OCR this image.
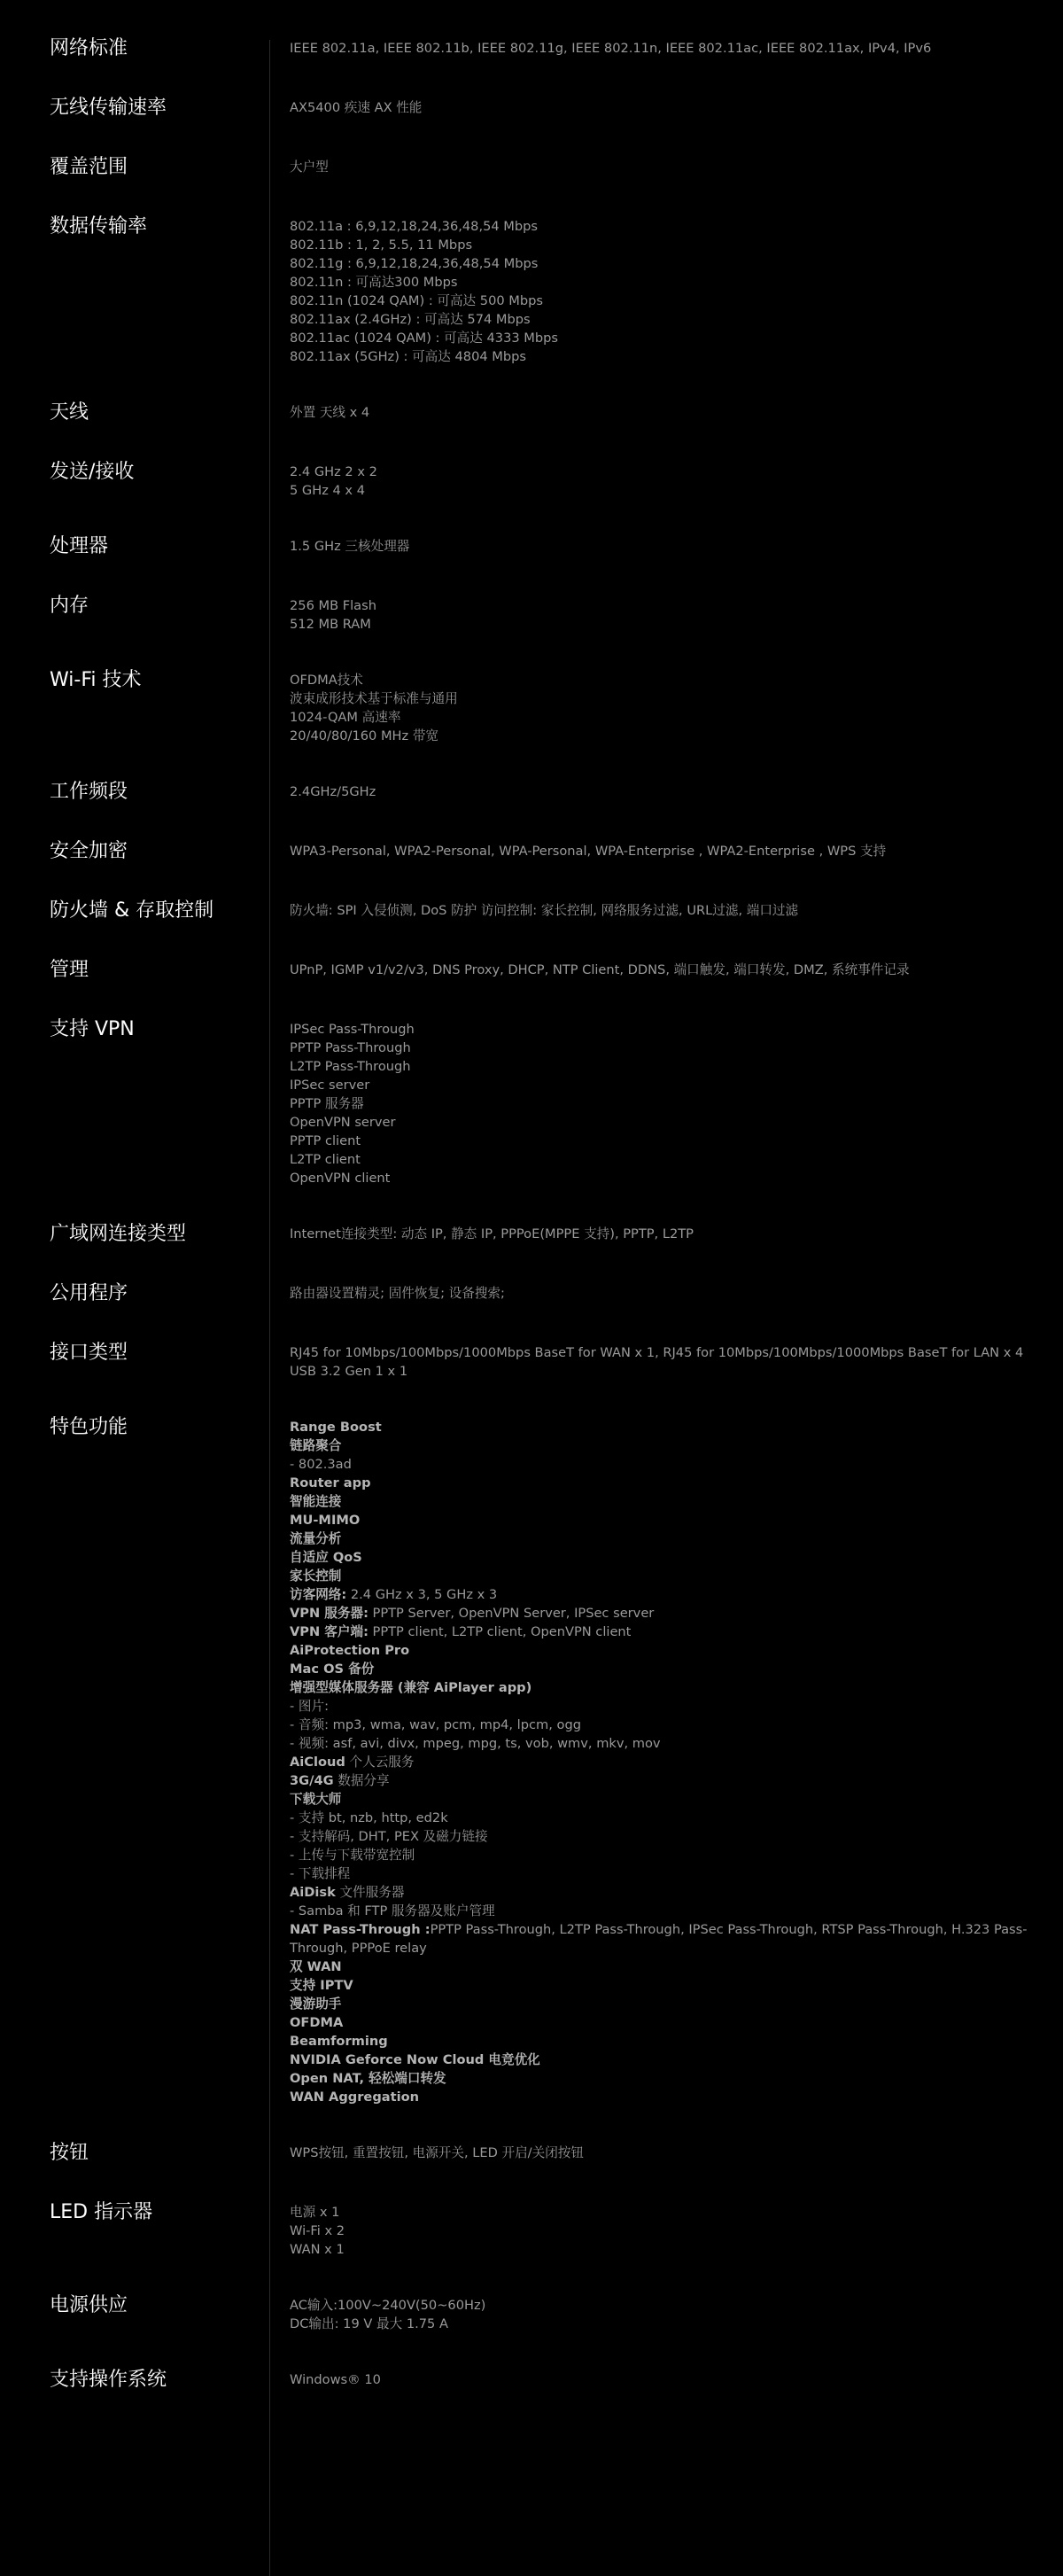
网络标准	IEEE 802.11a, IEEE 802.11b, IEEE 802.11g, IEEE 802.11n, IEEE 802.11ac, IEEE 802.11ax, IPv4, IPv6
无线传输速率	AX5400 疾速 AX 性能
覆盖范围	大户型
数据传输率	802.11a : 6,9,12,18,24,36,48,54 Mbps
802.11b : 1, 2, 5.5, 11 Mbps
802.11g : 6,9,12,18,24,36,48,54 Mbps
802.11n : 可高达300 Mbps
802.11n (1024 QAM) : 可高达 500 Mbps
802.11ax (2.4GHz) : 可高达 574 Mbps
802.11ac (1024 QAM) : 可高达 4333 Mbps
802.11ax (5GHz) : 可高达 4804 Mbps
天线	外置 天线 x 4
发送/接收	2.4 GHz 2 x 2
5 GHz 4 x 4
处理器	1.5 GHz 三核处理器
内存	256 MB Flash
512 MB RAM
Wi-Fi 技术	OFDMA技术
波束成形技术基于标准与通用
1024-QAM 高速率
20/40/80/160 MHz 带宽
工作频段	2.4GHz/5GHz
安全加密	WPA3-Personal, WPA2-Personal, WPA-Personal, WPA-Enterprise , WPA2-Enterprise , WPS 支持
防火墙 & 存取控制	防火墙: SPI 入侵侦测, DoS 防护 访问控制: 家长控制, 网络服务过滤, URL过滤, 端口过滤
管理	UPnP, IGMP v1/v2/v3, DNS Proxy, DHCP, NTP Client, DDNS, 端口触发, 端口转发, DMZ, 系统事件记录
支持 VPN	IPSec Pass-Through
PPTP Pass-Through
L2TP Pass-Through
IPSec server
PPTP 服务器
OpenVPN server
PPTP client
L2TP client
OpenVPN client
广域网连接类型	Internet连接类型: 动态 IP, 静态 IP, PPPoE(MPPE 支持), PPTP, L2TP
公用程序	路由器设置精灵; 固件恢复; 设备搜索;
接口类型	RJ45 for 10Mbps/100Mbps/1000Mbps BaseT for WAN x 1, RJ45 for 10Mbps/100Mbps/1000Mbps BaseT for LAN x 4
USB 3.2 Gen 1 x 1
特色功能	Range Boost
链路聚合
- 802.3ad
Router app
智能连接
MU-MIMO
流量分析
自适应 QoS
家长控制
访客网络: 2.4 GHz x 3, 5 GHz x 3
VPN 服务器: PPTP Server, OpenVPN Server, IPSec server
VPN 客户端: PPTP client, L2TP client, OpenVPN client
AiProtection Pro
Mac OS 备份
增强型媒体服务器 (兼容 AiPlayer app)
- 图片:
- 音频: mp3, wma, wav, pcm, mp4, lpcm, ogg
- 视频: asf, avi, divx, mpeg, mpg, ts, vob, wmv, mkv, mov
AiCloud 个人云服务
3G/4G 数据分享
下载大师
- 支持 bt, nzb, http, ed2k
- 支持解码, DHT, PEX 及磁力链接
- 上传与下载带宽控制
- 下载排程
AiDisk 文件服务器
- Samba 和 FTP 服务器及账户管理
NAT Pass-Through :PPTP Pass-Through, L2TP Pass-Through, IPSec Pass-Through, RTSP Pass-Through, H.323 Pass-Through, PPPoE relay
双 WAN
支持 IPTV
漫游助手
OFDMA
Beamforming
NVIDIA Geforce Now Cloud 电竞优化
Open NAT, 轻松端口转发
WAN Aggregation
按钮	WPS按钮, 重置按钮, 电源开关, LED 开启/关闭按钮
LED 指示器	电源 x 1
Wi-Fi x 2
WAN x 1
电源供应	AC输入:100V~240V(50~60Hz)
DC输出: 19 V 最大 1.75 A
支持操作系统	Windows® 10
